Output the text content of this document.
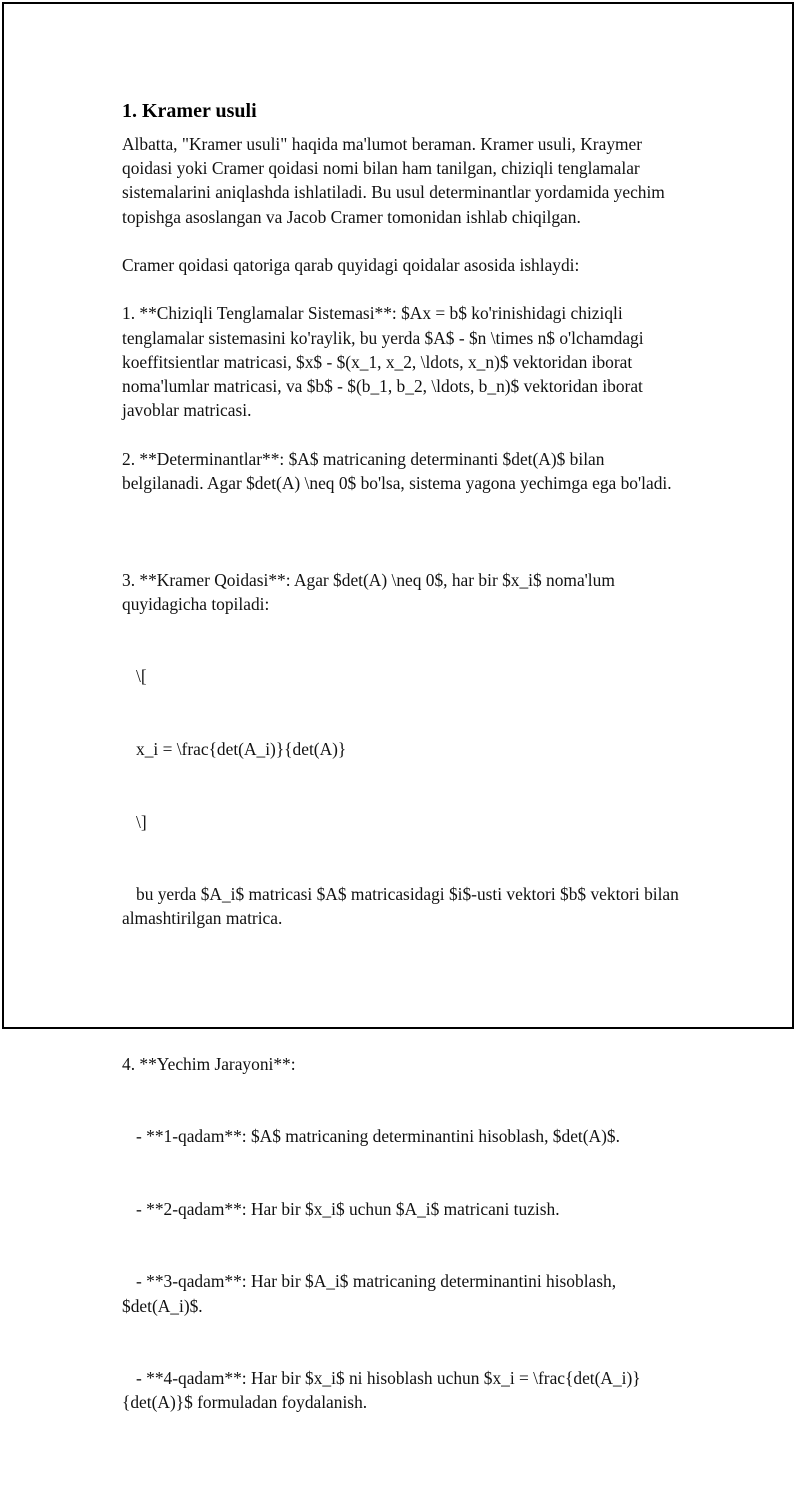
1. Kramer usuli
Albatta, "Kramer usuli" haqida ma'lumot beraman. Kramer usuli, Kraymer qoidasi yoki Cramer qoidasi nomi bilan ham tanilgan, chiziqli tenglamalar sistemalarini aniqlashda ishlatiladi. Bu usul determinantlar yordamida yechim topishga asoslangan va Jacob Cramer tomonidan ishlab chiqilgan.
Cramer qoidasi qatoriga qarab quyidagi qoidalar asosida ishlaydi:
1. **Chiziqli Tenglamalar Sistemasi**: $Ax = b$ ko'rinishidagi chiziqli tenglamalar sistemasini ko'raylik, bu yerda $A$ - $n \times n$ o'lchamdagi koeffitsientlar matricasi, $x$ - $(x_1, x_2, \ldots, x_n)$ vektoridan iborat noma'lumlar matricasi, va $b$ - $(b_1, b_2, \ldots, b_n)$ vektoridan iborat javoblar matricasi.
2. **Determinantlar**: $A$ matricaning determinanti $det(A)$ bilan belgilanadi. Agar $det(A) \neq 0$ bo'lsa, sistema yagona yechimga ega bo'ladi.

3. **Kramer Qoidasi**: Agar $det(A) \neq 0$, har bir $x_i$ noma'lum quyidagicha topiladi:

\[

x_i = \frac{det(A_i)}{det(A)}

\]

bu yerda $A_i$ matricasi $A$ matricasidagi $i$-usti vektori $b$ vektori bilan almashtirilgan matrica.

4. **Yechim Jarayoni**:

- **1-qadam**: $A$ matricaning determinantini hisoblash, $det(A)$.

- **2-qadam**: Har bir $x_i$ uchun $A_i$ matricani tuzish.

- **3-qadam**: Har bir $A_i$ matricaning determinantini hisoblash, $det(A_i)$.

- **4-qadam**: Har bir $x_i$ ni hisoblash uchun $x_i = \frac{det(A_i)}{det(A)}$ formuladan foydalanish.
